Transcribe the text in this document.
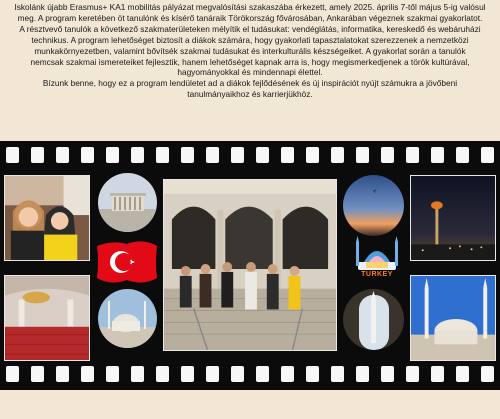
Iskolánk újabb Erasmus+ KA1 mobilitás pályázat megvalósítási szakaszába érkezett, amely 2025. április 7-től május 5-ig valósul

meg. A program keretében öt tanulónk és kísérő tanáraik Törökország fővárosában, Ankarában végeznek szakmai gyakorlatot.

A résztvevő tanulók a következő szakmaterületeken mélyítik el tudásukat: vendéglátás, informatika, kereskedő és webáruházi

technikus. A program lehetőséget biztosít a diákok számára, hogy gyakorlati tapasztalatokat szerezzenek a nemzetközi

munkakörnyezetben, valamint bővítsék szakmai tudásukat és interkulturális készségeiket. A gyakorlat során a tanulók

nemcsak szakmai ismereteiket fejlesztik, hanem lehetőséget kapnak arra is, hogy megismerkedjenek a török kultúrával,

hagyományokkal és mindennapi élettel.

Bízunk benne, hogy ez a program lendületet ad a diákok fejlődésének és új inspirációt nyújt számukra a jövőbeni

tanulmányaikhoz és karrierjükhöz.

TURKEY
